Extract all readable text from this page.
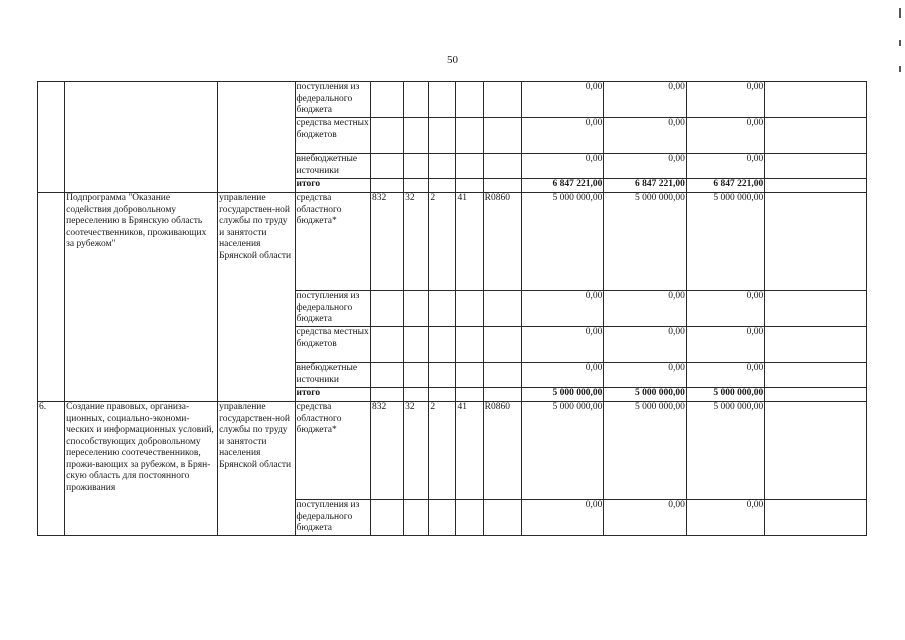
50
			поступления из федерального бюджета						0,00	0,00	0,00	
			средства местных бюджетов						0,00	0,00	0,00	
			внебюджетные источники						0,00	0,00	0,00	
			итого						6 847 221,00	6 847 221,00	6 847 221,00	
	Подпрограмма "Оказание содействия добровольному переселению в Брянскую область соотечественников, проживающих за рубежом"	управление государствен-ной службы по труду и занятости населения Брянской области	средства областного бюджета*	832	32	2	41	R0860	5 000 000,00	5 000 000,00	5 000 000,00	
			поступления из федерального бюджета						0,00	0,00	0,00	
			средства местных бюджетов						0,00	0,00	0,00	
			внебюджетные источники						0,00	0,00	0,00	
			итого						5 000 000,00	5 000 000,00	5 000 000,00	
6.	Создание правовых, организа-ционных, социально-экономи-ческих и информационных условий, способствующих добровольному переселению соотечественников, прожи-вающих за рубежом, в Брян-скую область для постоянного проживания	управление государствен-ной службы по труду и занятости населения Брянской области	средства областного бюджета*	832	32	2	41	R0860	5 000 000,00	5 000 000,00	5 000 000,00	
			поступления из федерального бюджета						0,00	0,00	0,00	
